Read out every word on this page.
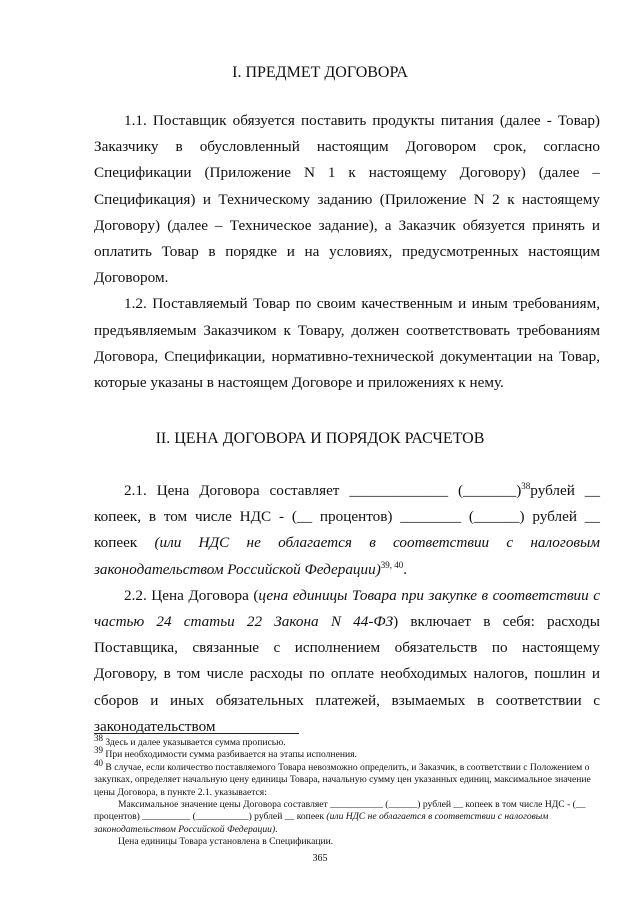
I. ПРЕДМЕТ ДОГОВОРА

1.1. Поставщик обязуется поставить продукты питания (далее - Товар) Заказчику в обусловленный настоящим Договором срок, согласно Спецификации (Приложение N 1 к настоящему Договору) (далее – Спецификация) и Техническому заданию (Приложение N 2 к настоящему Договору) (далее – Техническое задание), а Заказчик обязуется принять и оплатить Товар в порядке и на условиях, предусмотренных настоящим Договором.

1.2. Поставляемый Товар по своим качественным и иным требованиям, предъявляемым Заказчиком к Товару, должен соответствовать требованиям Договора, Спецификации, нормативно-технической документации на Товар, которые указаны в настоящем Договоре и приложениях к нему.

II. ЦЕНА ДОГОВОРА И ПОРЯДОК РАСЧЕТОВ

2.1. Цена Договора составляет _____________ (_______)$^{38}$рублей __ копеек, в том числе НДС - (__ процентов) ________ (______) рублей __ копеек (или НДС не облагается в соответствии с налоговым законодательством Российской Федерации)$^{39, 40}$.

2.2. Цена Договора (цена единицы Товара при закупке в соответствии с частью 24 статьи 22 Закона N 44-ФЗ) включает в себя: расходы Поставщика, связанные с исполнением обязательств по настоящему Договору, в том числе расходы по оплате необходимых налогов, пошлин и сборов и иных обязательных платежей, взымаемых в соответствии с законодательством

$^{38}$ Здесь и далее указывается сумма прописью.

$^{39}$ При необходимости сумма разбивается на этапы исполнения.

$^{40}$ В случае, если количество поставляемого Товара невозможно определить, и Заказчик, в соответствии с Положением о закупках, определяет начальную цену единицы Товара, начальную сумму цен указанных единиц, максимальное значение цены Договора, в пункте 2.1. указывается:

Максимальное значение цены Договора составляет ___________ (______) рублей __ копеек в том числе НДС - (__ процентов) __________ (___________) рублей __ копеек (или НДС не облагается в соответствии с налоговым законодательством Российской Федерации).

Цена единицы Товара установлена в Спецификации.

365
